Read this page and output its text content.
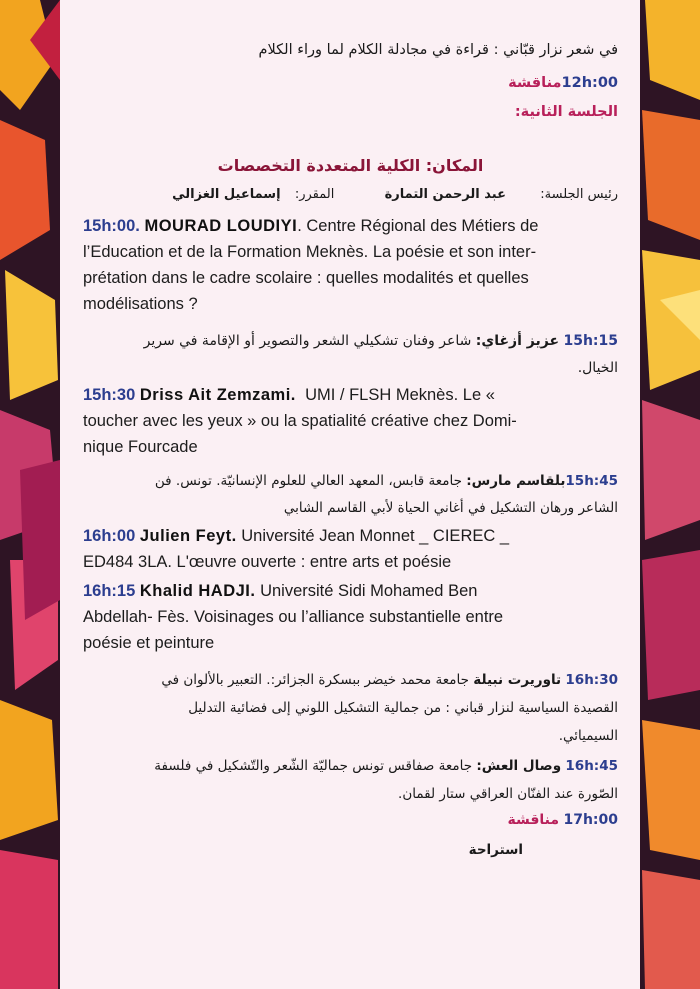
في شعر نزار قبّاني : قراءة في مجادلة الكلام لما وراء الكلام
12h:00مناقشة
الجلسة الثانية:
المكان: الكلية المتعددة التخصصات
رئيس الجلسة:  عبد الرحمن التمارة  المقرر:  إسماعيل الغزالي
15h:00. MOURAD LOUDIYI. Centre Régional des Métiers de
l’Education et de la Formation Meknès. La poésie et son inter-
prétation dans le cadre scolaire : quelles modalités et quelles
modélisations ?
15h:15 عزيز أزغاي: شاعر وفنان تشكيلي الشعر والتصوير أو الإقامة في سرير
الخيال.
15h:30 Driss Ait Zemzami. UMI / FLSH Meknès. Le «
toucher avec les yeux » ou la spatialité créative chez Domi-
nique Fourcade
15h:45بلقاسم مارس: جامعة قابس، المعهد العالي للعلوم الإنسانيّة. تونس. فن
الشاعر ورهان التشكيل في أغاني الحياة لأبي القاسم الشابي
16h:00 Julien Feyt. Université Jean Monnet _ CIEREC _
ED484 3LA. L'œuvre ouverte : entre arts et poésie
16h:15 Khalid HADJI. Université Sidi Mohamed Ben
Abdellah- Fès. Voisinages ou l’alliance substantielle entre
poésie et peinture
16h:30 تاوريرت نبيلة جامعة محمد خيضر ببسكرة الجزائر:. التعبير بالألوان في
القصيدة السياسية لنزار قباني : من جمالية التشكيل اللوني إلى فضائية التدليل
السيميائي.
16h:45 وصال العش: جامعة صفاقس تونس جماليّة الشّعر والتّشكيل في فلسفة
الصّورة عند الفنّان العراقي ستار لقمان.
17h:00 مناقشة
استراحة
